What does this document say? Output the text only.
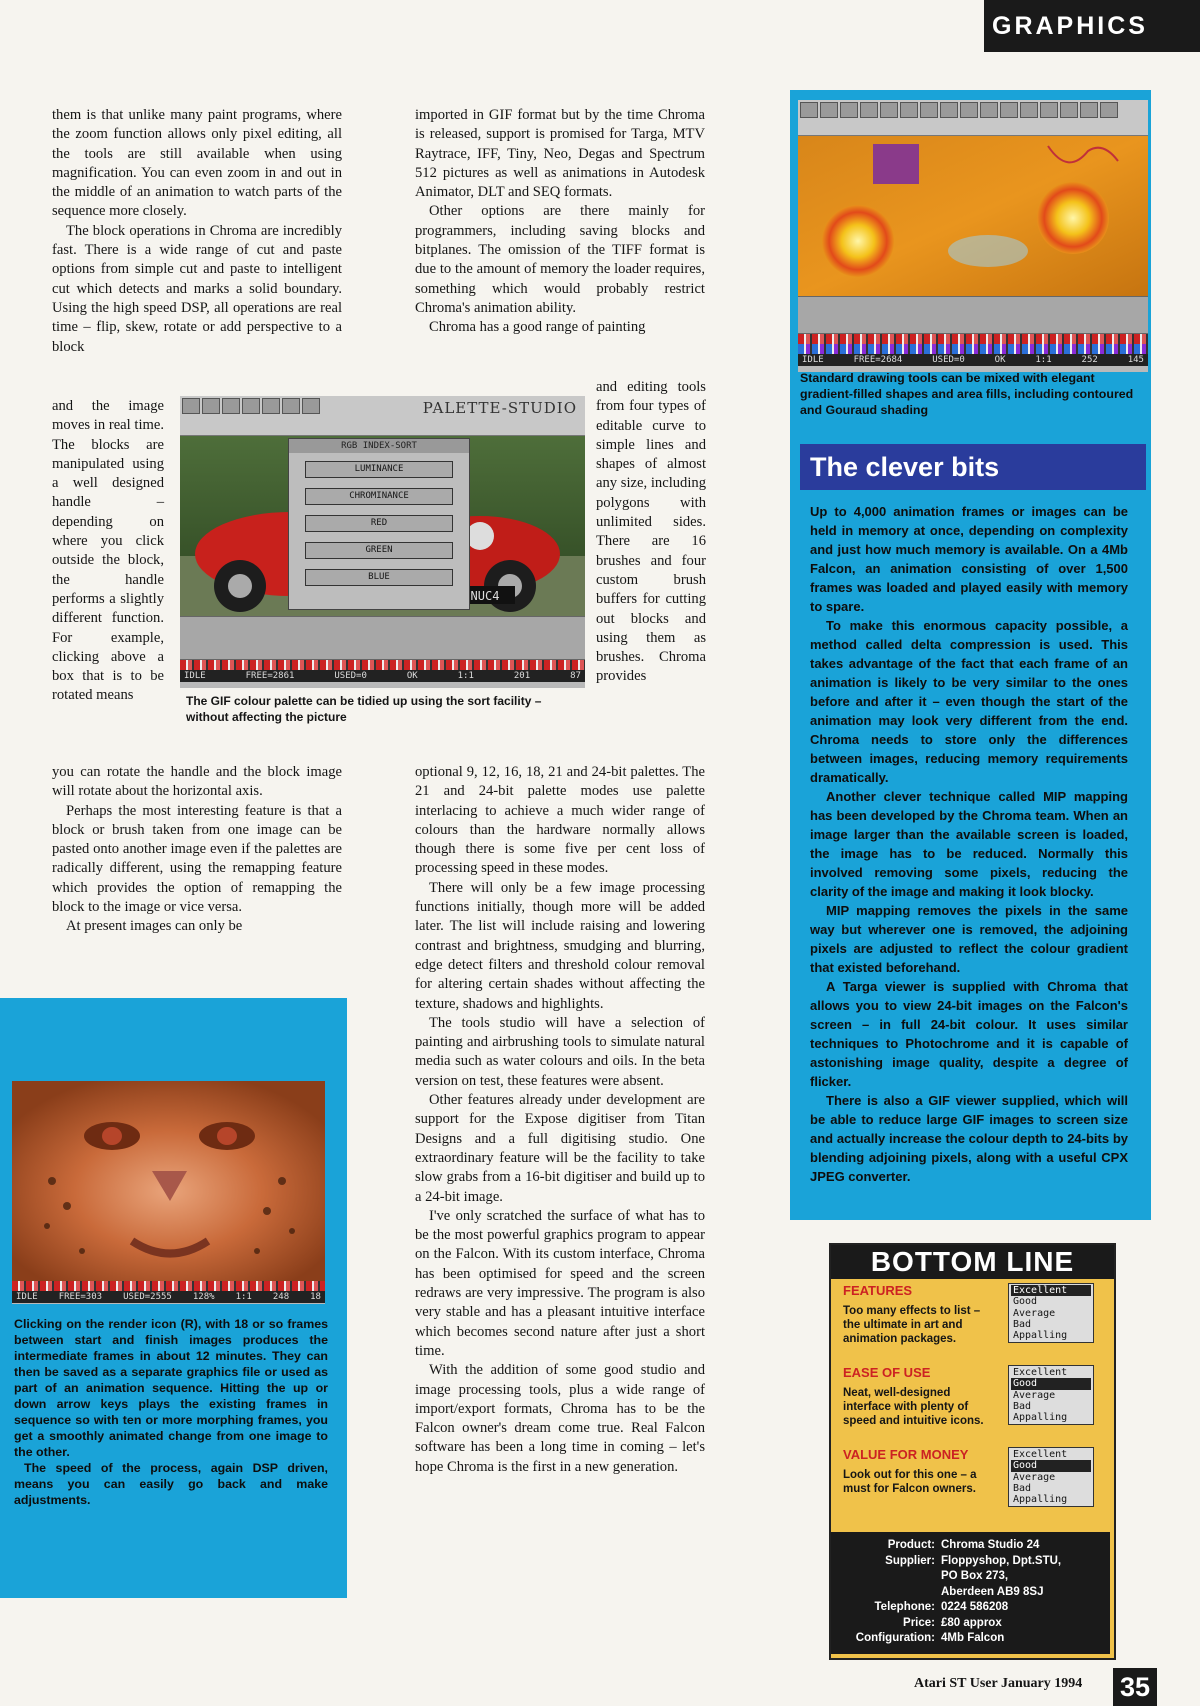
GRAPHICS

them is that unlike many paint programs, where the zoom function allows only pixel editing, all the tools are still available when using magnification. You can even zoom in and out in the middle of an animation to watch parts of the sequence more closely.

The block operations in Chroma are incredibly fast. There is a wide range of cut and paste options from simple cut and paste to intelligent cut which detects and marks a solid boundary. Using the high speed DSP, all operations are real time – flip, skew, rotate or add perspective to a block

and the image moves in real time. The blocks are manipulated using a well designed handle – depending on where you click outside the block, the handle performs a slightly different function. For example, clicking above a box that is to be rotated means

you can rotate the handle and the block image will rotate about the horizontal axis.

Perhaps the most interesting feature is that a block or brush taken from one image can be pasted onto another image even if the palettes are radically different, using the remapping feature which provides the option of remapping the block to the image or vice versa.

At present images can only be

imported in GIF format but by the time Chroma is released, support is promised for Targa, MTV Raytrace, IFF, Tiny, Neo, Degas and Spectrum 512 pictures as well as animations in Autodesk Animator, DLT and SEQ formats.

Other options are there mainly for programmers, including saving blocks and bitplanes. The omission of the TIFF format is due to the amount of memory the loader requires, something which would probably restrict Chroma's animation ability.

Chroma has a good range of painting

and editing tools from four types of editable curve to simple lines and shapes of almost any size, including polygons with unlimited sides. There are 16 brushes and four custom brush buffers for cutting out blocks and using them as brushes. Chroma provides

optional 9, 12, 16, 18, 21 and 24-bit palettes. The 21 and 24-bit palette modes use palette interlacing to achieve a much wider range of colours than the hardware normally allows though there is some five per cent loss of processing speed in these modes.

There will only be a few image processing functions initially, though more will be added later. The list will include raising and lowering contrast and brightness, smudging and blurring, edge detect filters and threshold colour removal for altering certain shades without affecting the texture, shadows and highlights.

The tools studio will have a selection of painting and airbrushing tools to simulate natural media such as water colours and oils. In the beta version on test, these features were absent.

Other features already under development are support for the Expose digitiser from Titan Designs and a full digitising studio. One extraordinary feature will be the facility to take slow grabs from a 16-bit digitiser and build up to a 24-bit image.

I've only scratched the surface of what has to be the most powerful graphics program to appear on the Falcon. With its custom interface, Chroma has been optimised for speed and the screen redraws are very impressive. The program is also very stable and has a pleasant intuitive interface which becomes second nature after just a short time.

With the addition of some good studio and image processing tools, plus a wide range of import/export formats, Chroma has to be the Falcon owner's dream come true. Real Falcon software has been a long time in coming – let's hope Chroma is the first in a new generation.

PALETTE-STUDIO
NUC4
RGB INDEX-SORT
LUMINANCE
CHROMINANCE
RED
GREEN
BLUE
IDLE	FREE=2861	USED=0	OK	1:1	201	87
The GIF colour palette can be tidied up using the sort facility – without affecting the picture
IDLE FREE=303 USED=2555 128% 1:1 248 18

Clicking on the render icon (R), with 18 or so frames between start and finish images produces the intermediate frames in about 12 minutes. They can then be saved as a separate graphics file or used as part of an animation sequence. Hitting the up or down arrow keys plays the existing frames in sequence so with ten or more morphing frames, you get a smoothly animated change from one image to the other.

The speed of the process, again DSP driven, means you can easily go back and make adjustments.

IDLE	FREE=2684	USED=0	OK	1:1	252	145
Standard drawing tools can be mixed with elegant gradient-filled shapes and area fills, including contoured and Gouraud shading
The clever bits

Up to 4,000 animation frames or images can be held in memory at once, depending on complexity and just how much memory is available. On a 4Mb Falcon, an animation consisting of over 1,500 frames was loaded and played easily with memory to spare.

To make this enormous capacity possible, a method called delta compression is used. This takes advantage of the fact that each frame of an animation is likely to be very similar to the ones before and after it – even though the start of the animation may look very different from the end. Chroma needs to store only the differences between images, reducing memory requirements dramatically.

Another clever technique called MIP mapping has been developed by the Chroma team. When an image larger than the available screen is loaded, the image has to be reduced. Normally this involved removing some pixels, reducing the clarity of the image and making it look blocky.

MIP mapping removes the pixels in the same way but wherever one is removed, the adjoining pixels are adjusted to reflect the colour gradient that existed beforehand.

A Targa viewer is supplied with Chroma that allows you to view 24-bit images on the Falcon's screen – in full 24-bit colour. It uses similar techniques to Photochrome and it is capable of astonishing image quality, despite a degree of flicker.

There is also a GIF viewer supplied, which will be able to reduce large GIF images to screen size and actually increase the colour depth to 24-bits by blending adjoining pixels, along with a useful CPX JPEG converter.

BOTTOM LINE
FEATURES
Too many effects to list – the ultimate in art and animation packages.
Excellent
Good
Average
Bad
Appalling
EASE OF USE
Neat, well-designed interface with plenty of speed and intuitive icons.
Excellent
Good
Average
Bad
Appalling
VALUE FOR MONEY
Look out for this one – a must for Falcon owners.
Excellent
Good
Average
Bad
Appalling
Product:	Chroma Studio 24
Supplier:	Floppyshop, Dpt.STU,
	PO Box 273,
	Aberdeen AB9 8SJ
Telephone:	0224 586208
Price:	£80 approx
Configuration:	4Mb Falcon
Atari ST User January 1994 35
